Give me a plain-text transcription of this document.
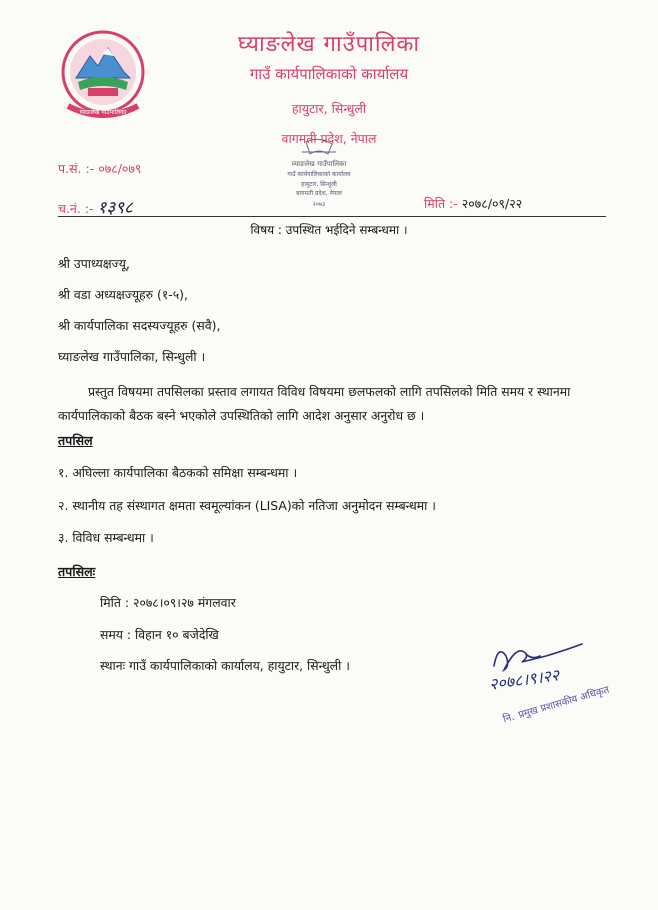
घ्याङलेख गाउँपालिका
घ्याङलेख गाउँपालिका
गाउँ कार्यपालिकाको कार्यालय
हायुटार, सिन्धुली
वागमती प्रदेश, नेपाल
घ्याङलेख गाउँपालिका
गाउँ कार्यपालिकाको कार्यालय
हायुटार, सिन्धुली
बागमती प्रदेश, नेपाल
२०७३
प.सं. :- ०७८/०७९
च.नं. :- १३९८	मिति :- २०७८/०९/२२
विषय : उपस्थित भईदिने सम्बन्धमा ।
श्री उपाध्यक्षज्यू,
श्री वडा अध्यक्षज्यूहरु (१-५),
श्री कार्यपालिका सदस्यज्यूहरु (सवै),
घ्याङलेख गाउँपालिका, सिन्धुली ।
प्रस्तुत विषयमा तपसिलका प्रस्ताव लगायत विविध विषयमा छलफलको लागि तपसिलको मिति समय र स्थानमा कार्यपालिकाको बैठक बस्ने भएकोले उपस्थितिको लागि आदेश अनुसार अनुरोध छ ।
तपसिल
१. अघिल्ला कार्यपालिका बैठकको समिक्षा सम्बन्धमा ।
२. स्थानीय तह संस्थागत क्षमता स्वमूल्यांकन (LISA)को नतिजा अनुमोदन सम्बन्धमा ।
३. विविध सम्बन्धमा ।
तपसिलः
मिति : २०७८।०९।२७ मंगलवार
समय : विहान १० बजेदेखि
स्थानः गाउँ कार्यपालिकाको कार्यालय, हायुटार, सिन्धुली ।	२०७८।९।२२
नि. प्रमुख प्रशासकीय अधिकृत
